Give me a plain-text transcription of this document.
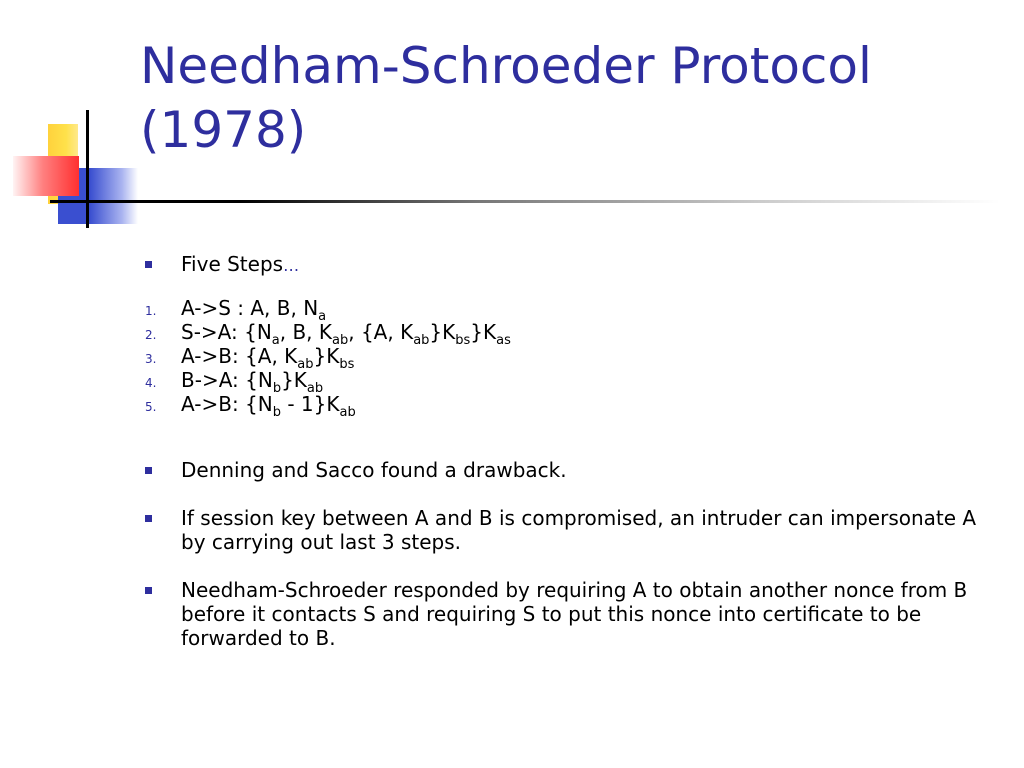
Needham-Schroeder Protocol
(1978)
Five Steps…
1. A->S : A, B, $N_a$
2. S->A: {$N_a$, B, $K_{ab}$, {A, $K_{ab}\}K_{bs}\}K_{as}$
3. A->B: {A, $K_{ab}\}K_{bs}$
4. B->A: $\{N_b\}K_{ab}$
5. A->B: $\{N_b - 1\}K_{ab}$
Denning and Sacco found a drawback.
If session key between A and B is compromised, an intruder can impersonate A by carrying out last 3 steps.
Needham-Schroeder responded by requiring A to obtain another nonce from B before it contacts S and requiring S to put this nonce into certificate to be forwarded to B.
